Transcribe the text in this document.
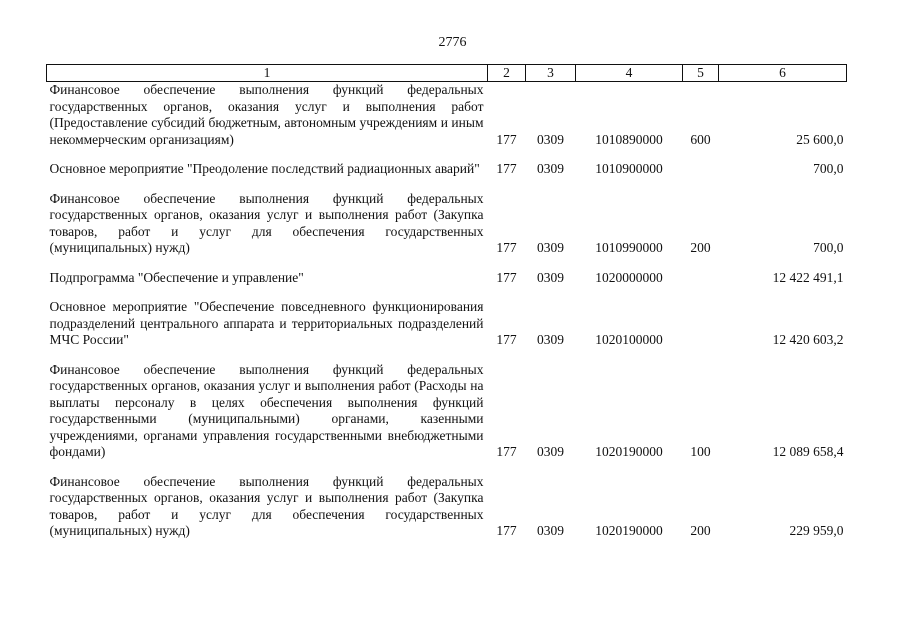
2776
1	2	3	4	5	6
Финансовое обеспечение выполнения функций федеральных государственных органов, оказания услуг и выполнения работ (Предоставление субсидий бюджетным, автономным учреждениям и иным некоммерческим организациям)	177	0309	1010890000	600	25 600,0

Основное мероприятие "Преодоление последствий радиационных аварий"	177	0309	1010900000		700,0

Финансовое обеспечение выполнения функций федеральных государственных органов, оказания услуг и выполнения работ (Закупка товаров, работ и услуг для обеспечения государственных (муниципальных) нужд)	177	0309	1010990000	200	700,0

Подпрограмма "Обеспечение и управление"	177	0309	1020000000		12 422 491,1

Основное мероприятие "Обеспечение повседневного функционирования подразделений центрального аппарата и территориальных подразделений МЧС России"	177	0309	1020100000		12 420 603,2

Финансовое обеспечение выполнения функций федеральных государственных органов, оказания услуг и выполнения работ (Расходы на выплаты персоналу в целях обеспечения выполнения функций государственными (муниципальными) органами, казенными учреждениями, органами управления государственными внебюджетными фондами)	177	0309	1020190000	100	12 089 658,4

Финансовое обеспечение выполнения функций федеральных государственных органов, оказания услуг и выполнения работ (Закупка товаров, работ и услуг для обеспечения государственных (муниципальных) нужд)	177	0309	1020190000	200	229 959,0
